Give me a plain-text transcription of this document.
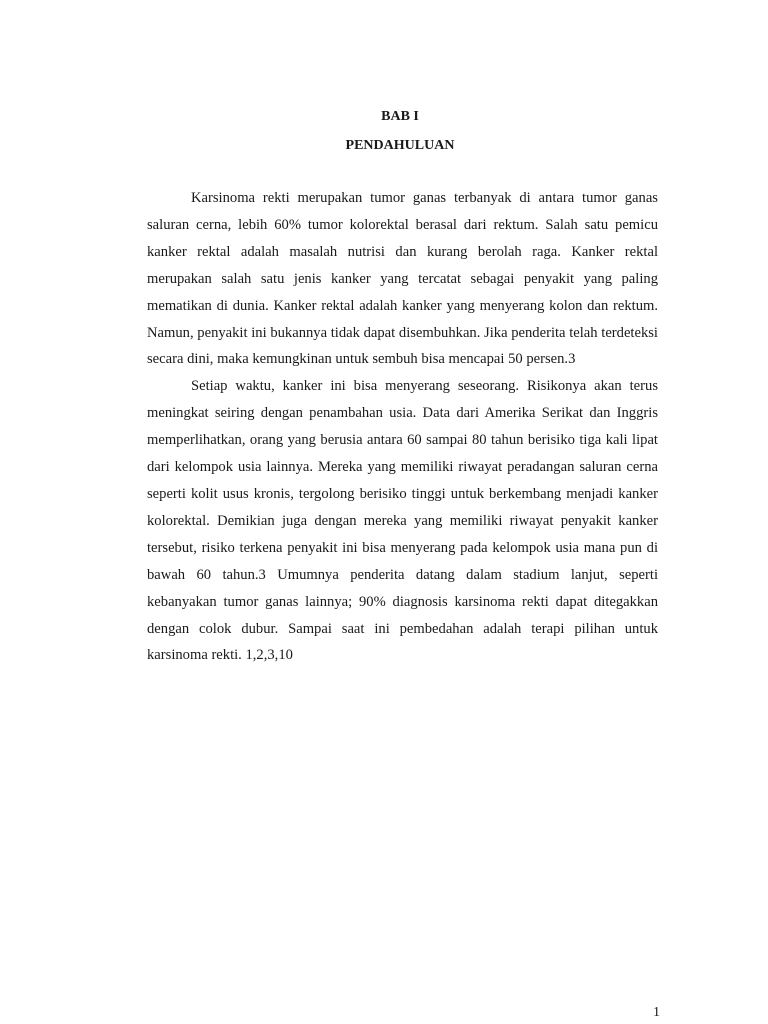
BAB I
PENDAHULUAN

Karsinoma rekti merupakan tumor ganas terbanyak di antara tumor ganas saluran cerna, lebih 60% tumor kolorektal berasal dari rektum. Salah satu pemicu kanker rektal adalah masalah nutrisi dan kurang berolah raga. Kanker rektal merupakan salah satu jenis kanker yang tercatat sebagai penyakit yang paling mematikan di dunia. Kanker rektal adalah kanker yang menyerang kolon dan rektum. Namun, penyakit ini bukannya tidak dapat disembuhkan. Jika penderita telah terdeteksi secara dini, maka kemungkinan untuk sembuh bisa mencapai 50 persen.3

Setiap waktu, kanker ini bisa menyerang seseorang. Risikonya akan terus meningkat seiring dengan penambahan usia. Data dari Amerika Serikat dan Inggris memperlihatkan, orang yang berusia antara 60 sampai 80 tahun berisiko tiga kali lipat dari kelompok usia lainnya. Mereka yang memiliki riwayat peradangan saluran cerna seperti kolit usus kronis, tergolong berisiko tinggi untuk berkembang menjadi kanker kolorektal. Demikian juga dengan mereka yang memiliki riwayat penyakit kanker tersebut, risiko terkena penyakit ini bisa menyerang pada kelompok usia mana pun di bawah 60 tahun.3 Umumnya penderita datang dalam stadium lanjut, seperti kebanyakan tumor ganas lainnya; 90% diagnosis karsinoma rekti dapat ditegakkan dengan colok dubur. Sampai saat ini pembedahan adalah terapi pilihan untuk karsinoma rekti. 1,2,3,10

1
